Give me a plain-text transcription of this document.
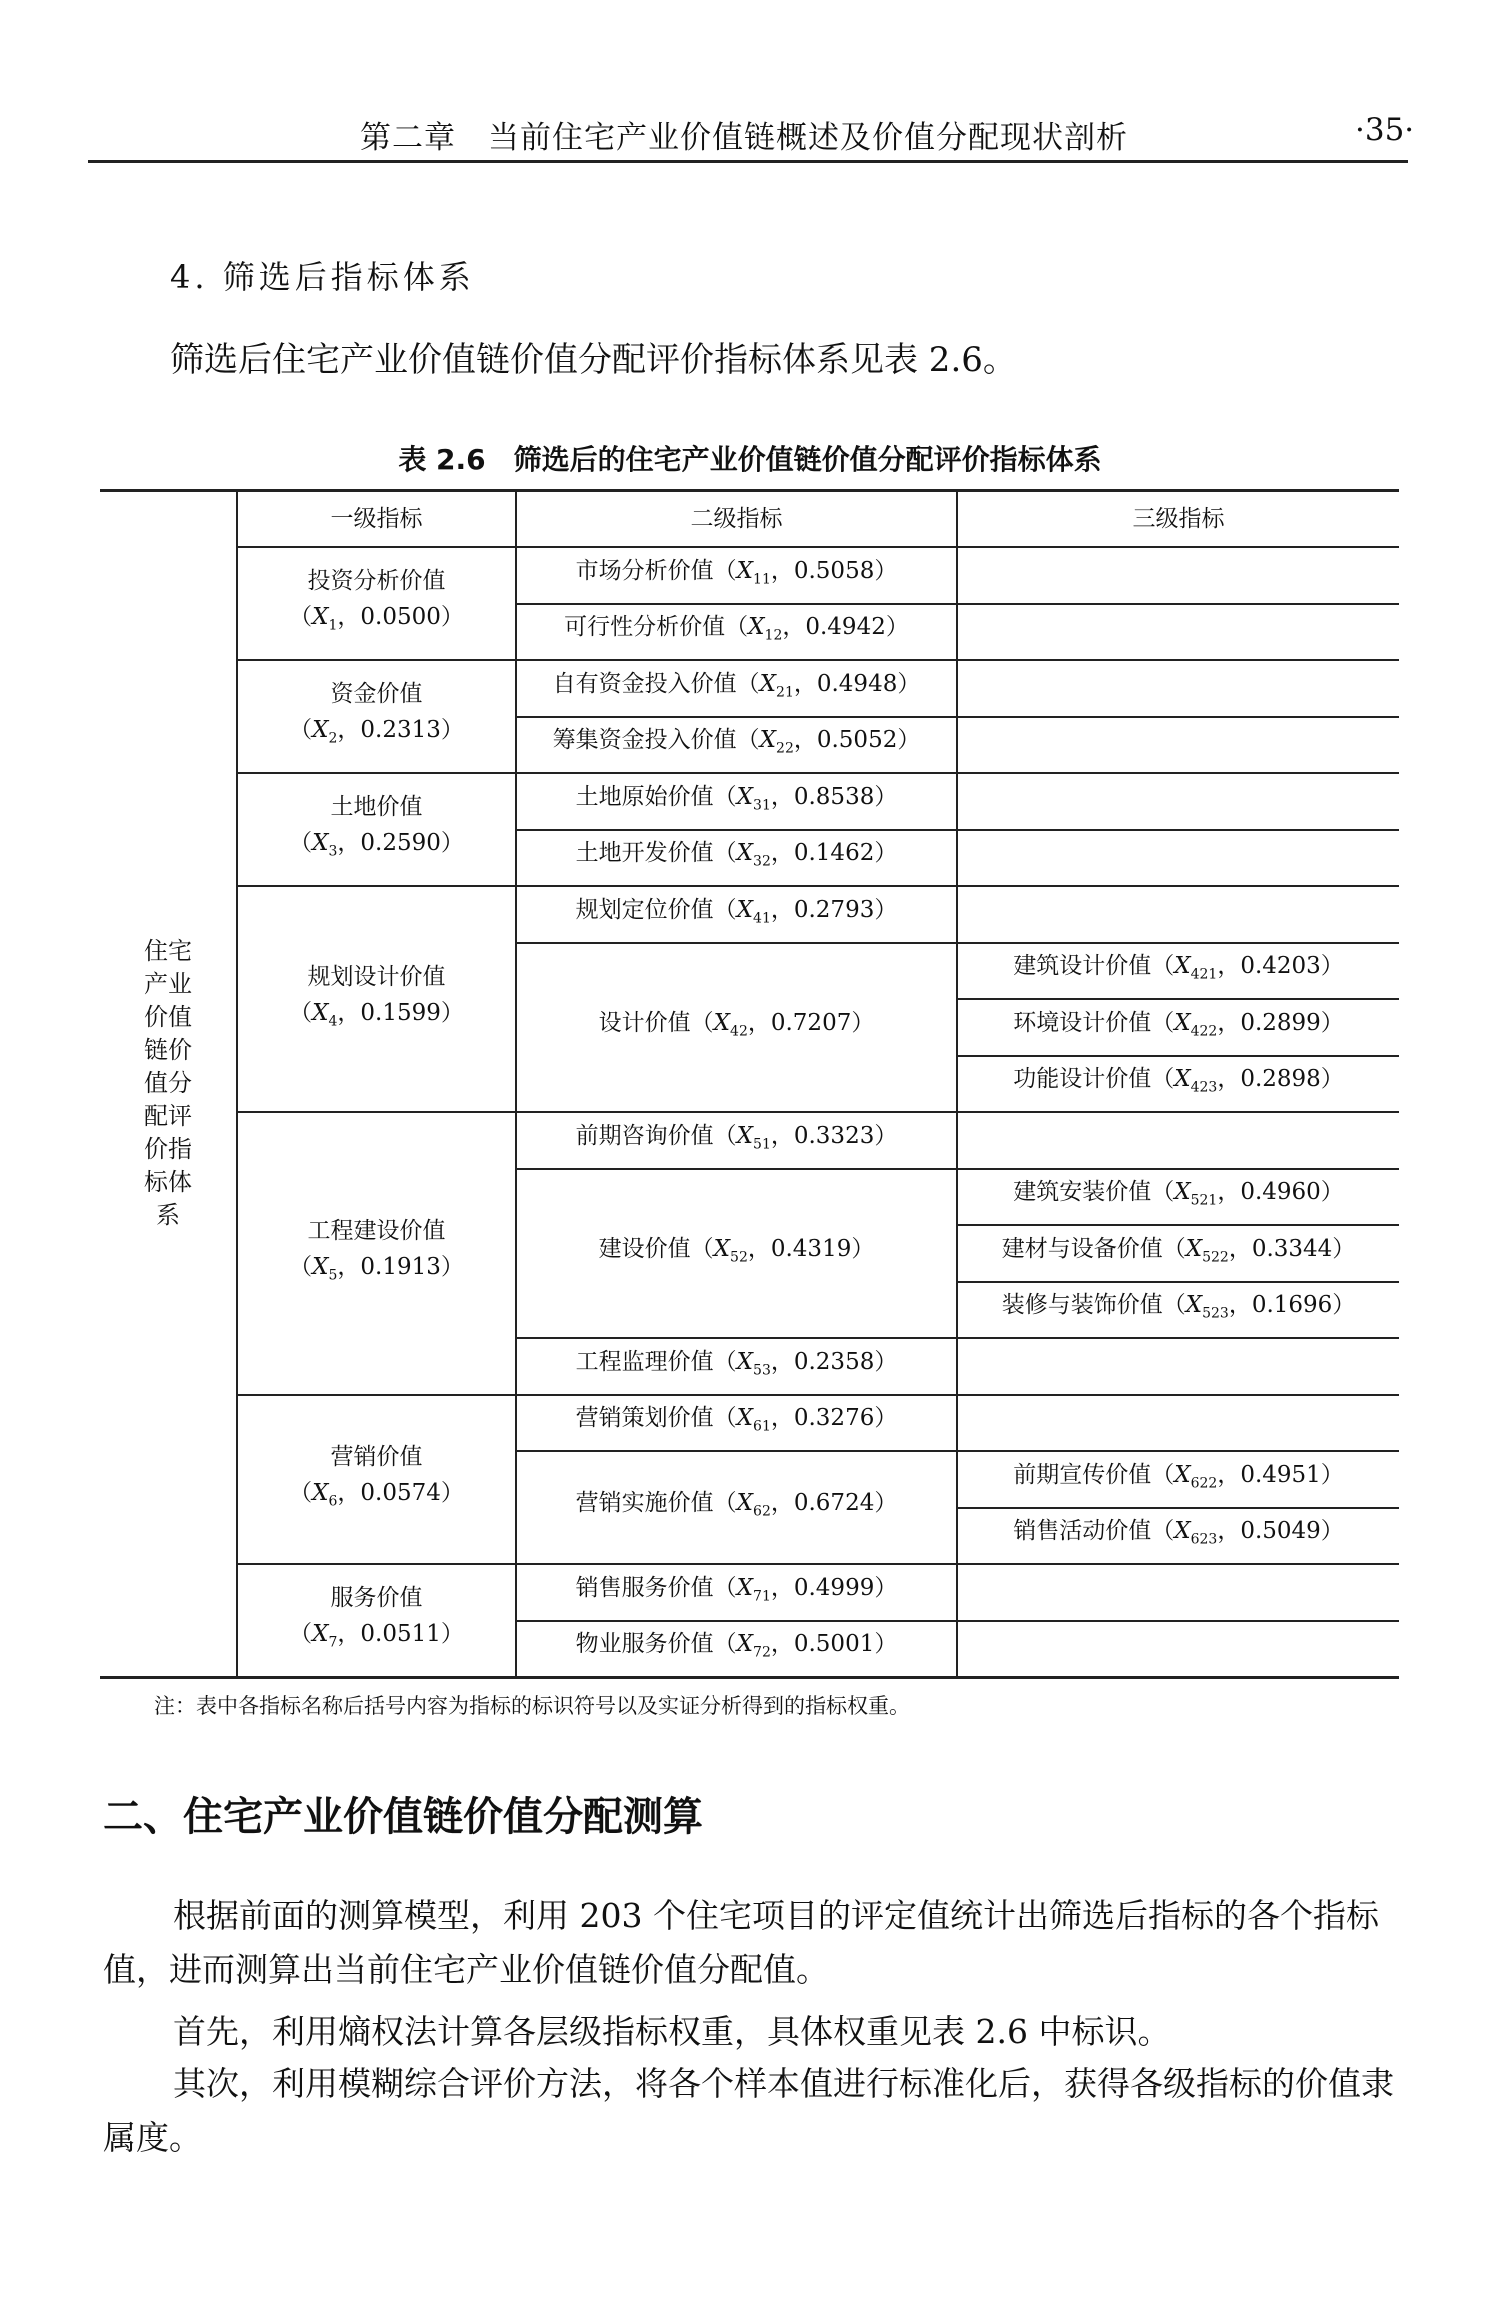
第二章　当前住宅产业价值链概述及价值分配现状剖析	·35·
4. 筛选后指标体系
筛选后住宅产业价值链价值分配评价指标体系见表 2.6。
表 2.6　筛选后的住宅产业价值链价值分配评价指标体系
住宅产业价值链价值分配评价指标体系	一级指标	二级指标	三级指标
	投资分析价值
（$X_1$，0.0500）	市场分析价值（$X_{11}$，0.5058）	
		可行性分析价值（$X_{12}$，0.4942）	
	资金价值
（$X_2$，0.2313）	自有资金投入价值（$X_{21}$，0.4948）	
		筹集资金投入价值（$X_{22}$，0.5052）	
	土地价值
（$X_3$，0.2590）	土地原始价值（$X_{31}$，0.8538）	
		土地开发价值（$X_{32}$，0.1462）	
	规划设计价值
（$X_4$，0.1599）	规划定位价值（$X_{41}$，0.2793）	
		设计价值（$X_{42}$，0.7207）	建筑设计价值（$X_{421}$，0.4203）
			环境设计价值（$X_{422}$，0.2899）
			功能设计价值（$X_{423}$，0.2898）
	工程建设价值
（$X_5$，0.1913）	前期咨询价值（$X_{51}$，0.3323）	
		建设价值（$X_{52}$，0.4319）	建筑安装价值（$X_{521}$，0.4960）
			建材与设备价值（$X_{522}$，0.3344）
			装修与装饰价值（$X_{523}$，0.1696）
		工程监理价值（$X_{53}$，0.2358）	
	营销价值
（$X_6$，0.0574）	营销策划价值（$X_{61}$，0.3276）	
		营销实施价值（$X_{62}$，0.6724）	前期宣传价值（$X_{622}$，0.4951）
			销售活动价值（$X_{623}$，0.5049）
	服务价值
（$X_7$，0.0511）	销售服务价值（$X_{71}$，0.4999）	
		物业服务价值（$X_{72}$，0.5001）	
注：表中各指标名称后括号内容为指标的标识符号以及实证分析得到的指标权重。
二、住宅产业价值链价值分配测算
根据前面的测算模型，利用 203 个住宅项目的评定值统计出筛选后指标的各个指标值，进而测算出当前住宅产业价值链价值分配值。
首先，利用熵权法计算各层级指标权重，具体权重见表 2.6 中标识。
其次，利用模糊综合评价方法，将各个样本值进行标准化后，获得各级指标的价值隶属度。
